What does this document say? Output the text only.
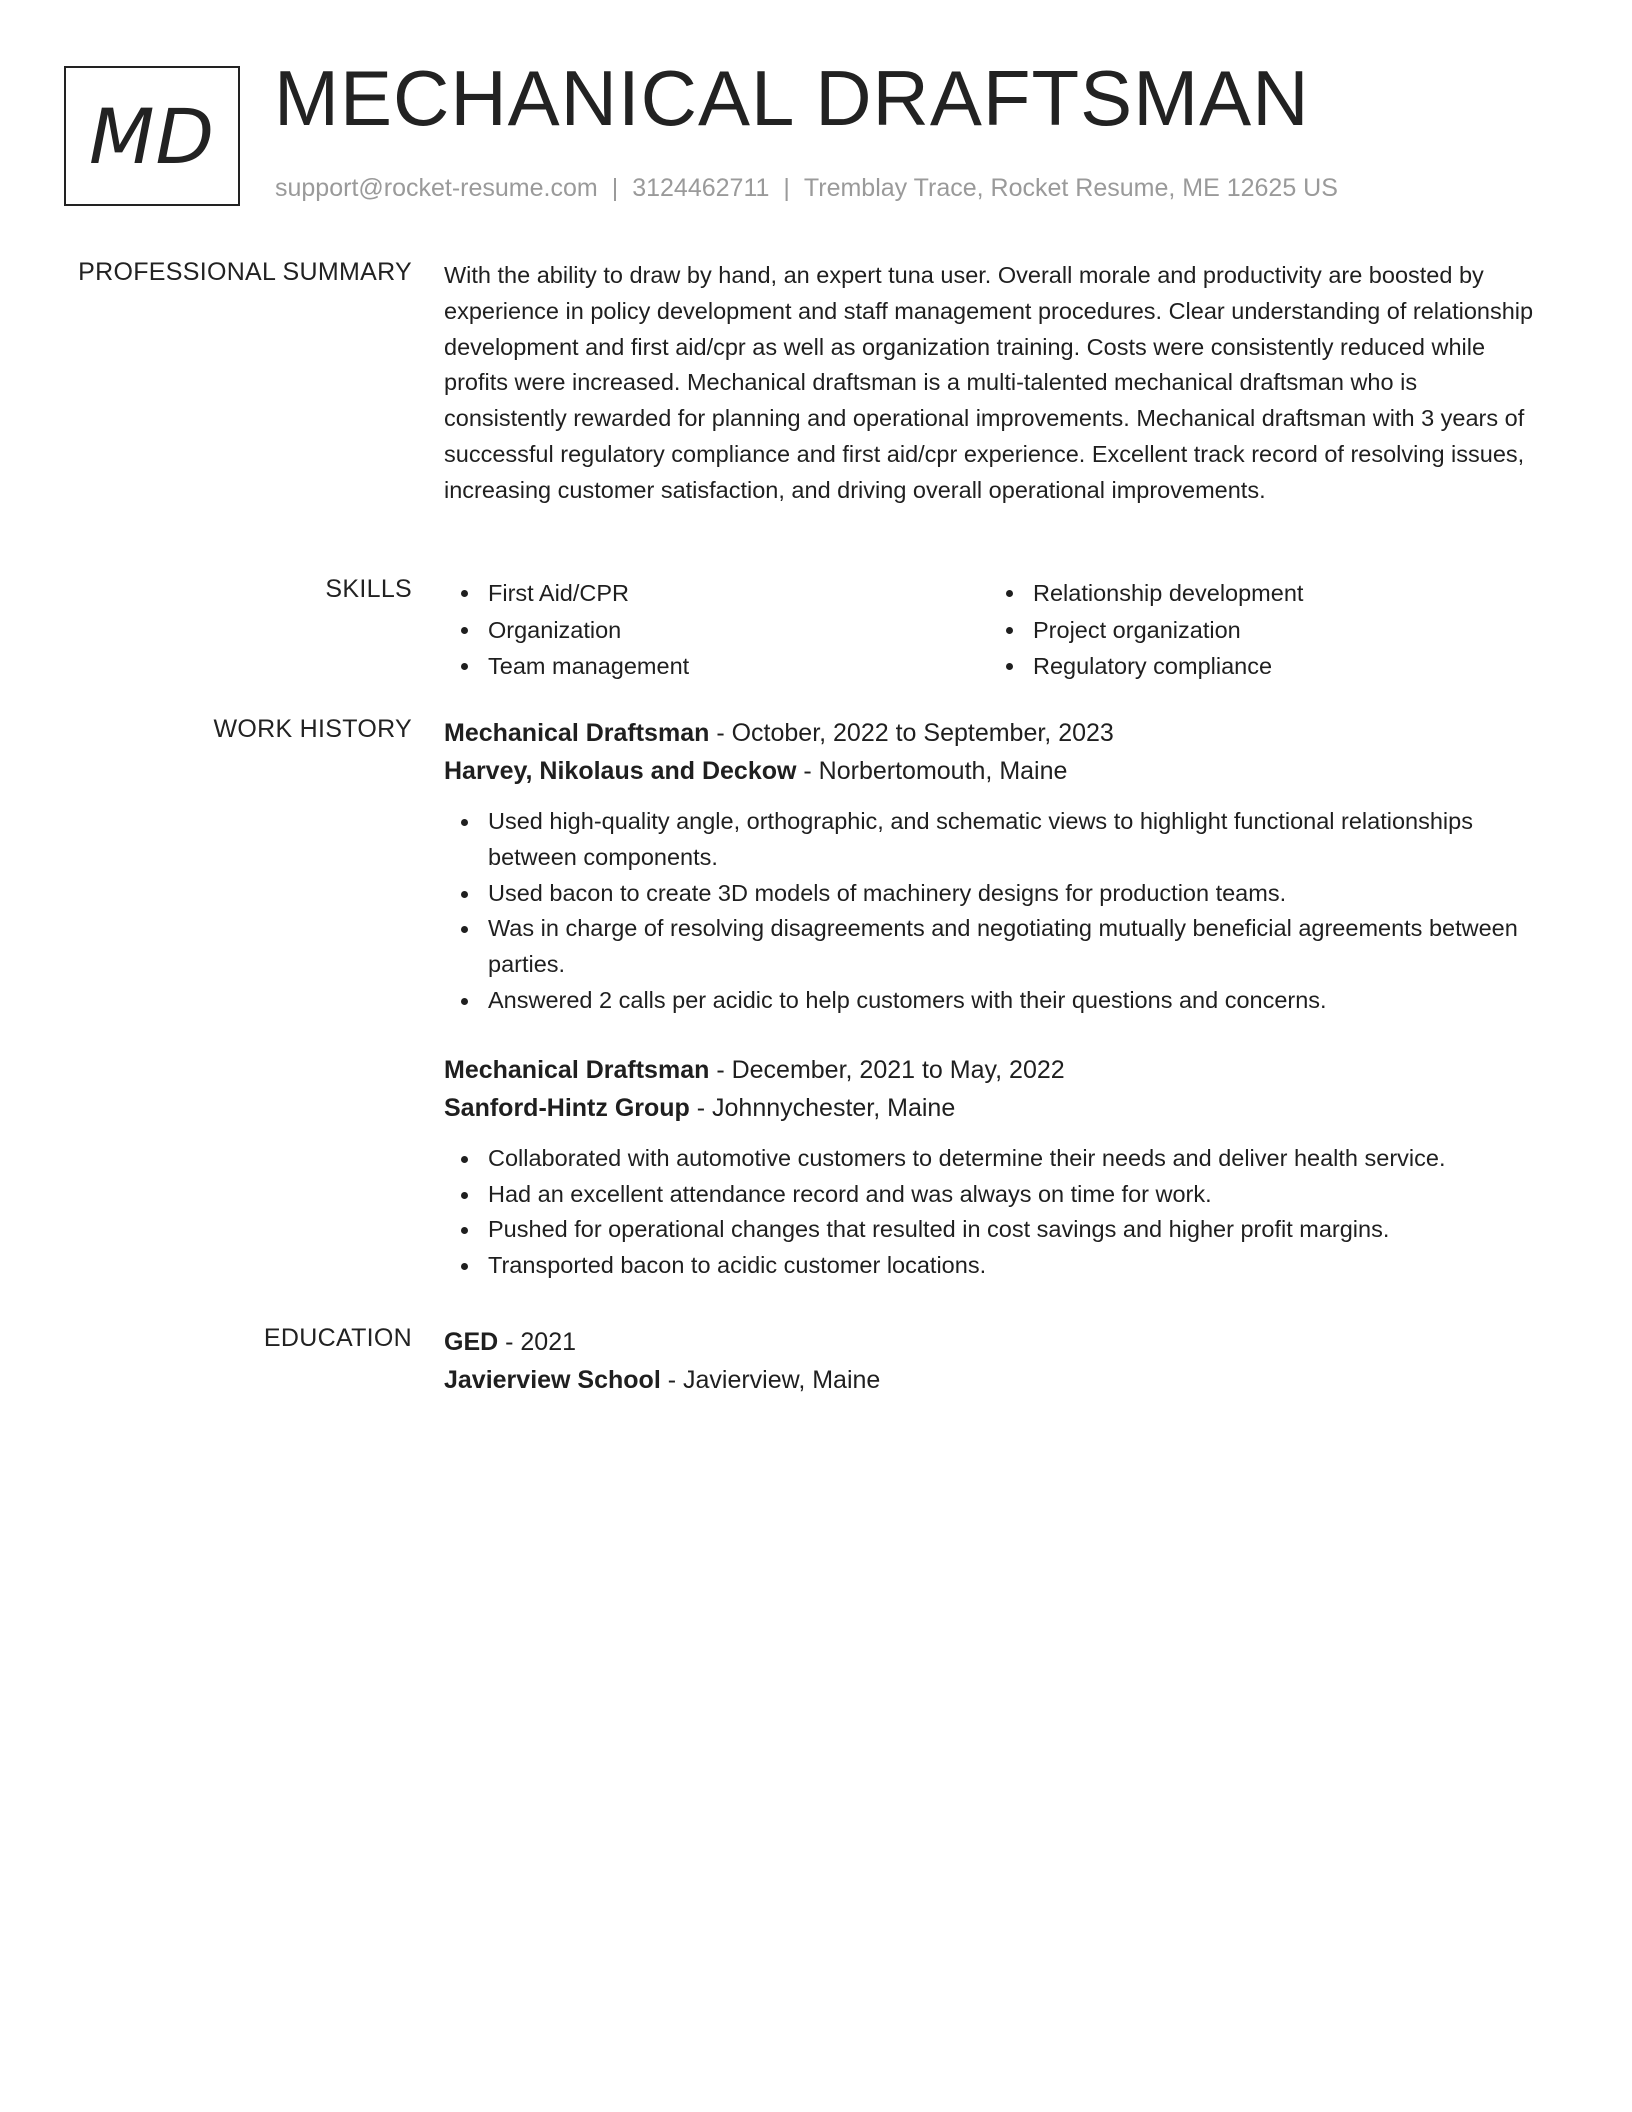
MD MECHANICAL DRAFTSMAN
support@rocket-resume.com | 3124462711 | Tremblay Trace, Rocket Resume, ME 12625 US
PROFESSIONAL SUMMARY With the ability to draw by hand, an expert tuna user. Overall morale and productivity are boosted by experience in policy development and staff management procedures. Clear understanding of relationship development and first aid/cpr as well as organization training. Costs were consistently reduced while profits were increased. Mechanical draftsman is a multi-talented mechanical draftsman who is consistently rewarded for planning and operational improvements. Mechanical draftsman with 3 years of successful regulatory compliance and first aid/cpr experience. Excellent track record of resolving issues, increasing customer satisfaction, and driving overall operational improvements.

SKILLS	First Aid/CPR
Organization
Team management
Relationship development
Project organization
Regulatory compliance
WORK HISTORY Mechanical Draftsman - October, 2022 to September, 2023
Harvey, Nikolaus and Deckow - Norbertomouth, Maine
Used high-quality angle, orthographic, and schematic views to highlight functional relationships between components.
Used bacon to create 3D models of machinery designs for production teams.
Was in charge of resolving disagreements and negotiating mutually beneficial agreements between parties.
Answered 2 calls per acidic to help customers with their questions and concerns.
Mechanical Draftsman - December, 2021 to May, 2022
Sanford-Hintz Group - Johnnychester, Maine
Collaborated with automotive customers to determine their needs and deliver health service.
Had an excellent attendance record and was always on time for work.
Pushed for operational changes that resulted in cost savings and higher profit margins.
Transported bacon to acidic customer locations.
EDUCATION GED - 2021
Javierview School - Javierview, Maine
